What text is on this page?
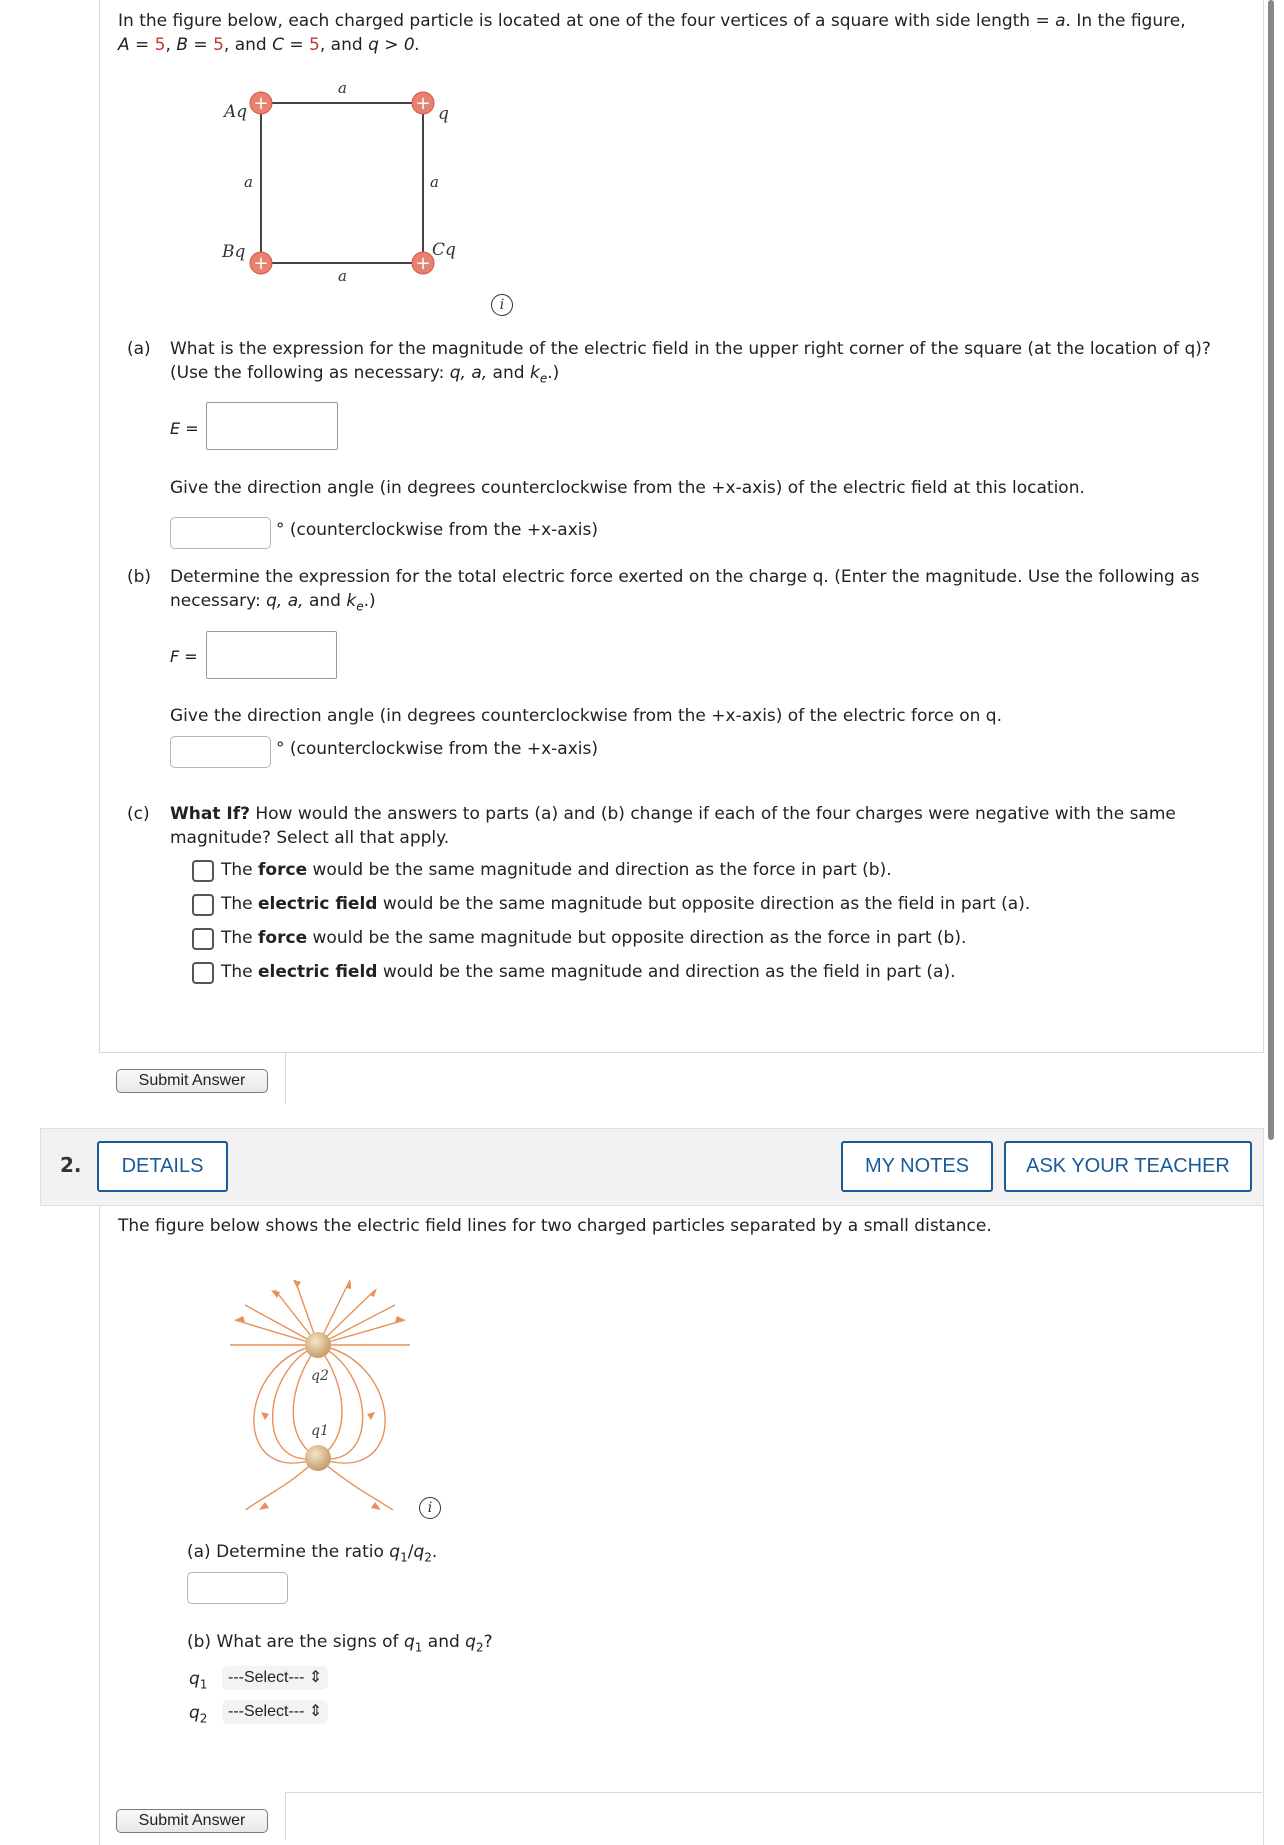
In the figure below, each charged particle is located at one of the four vertices of a square with side length = a. In the figure,
A = 5, B = 5, and C = 5, and q > 0.
+	+
+	+
Aq	q
Bq	Cq
a
a
a	a
i
(a) What is the expression for the magnitude of the electric field in the upper right corner of the square (at the location of q)?
(Use the following as necessary: q, a, and $k_e$.)
E =
Give the direction angle (in degrees counterclockwise from the +x-axis) of the electric field at this location.
° (counterclockwise from the +x-axis)
(b) Determine the expression for the total electric force exerted on the charge q. (Enter the magnitude. Use the following as
necessary: q, a, and $k_e$.)
F =
Give the direction angle (in degrees counterclockwise from the +x-axis) of the electric force on q.
° (counterclockwise from the +x-axis)
(c) What If? How would the answers to parts (a) and (b) change if each of the four charges were negative with the same
magnitude? Select all that apply.
The force would be the same magnitude and direction as the force in part (b).
The electric field would be the same magnitude but opposite direction as the field in part (a).
The force would be the same magnitude but opposite direction as the force in part (b).
The electric field would be the same magnitude and direction as the field in part (a).
Submit Answer
2.	DETAILS	MY NOTES	ASK YOUR TEACHER
The figure below shows the electric field lines for two charged particles separated by a small distance.
q2
q1
i
(a) Determine the ratio $q_1/q_2$.
(b) What are the signs of $q_1$ and $q_2$?
$q_1$	---Select--- ⇕
$q_2$	---Select--- ⇕
Submit Answer
